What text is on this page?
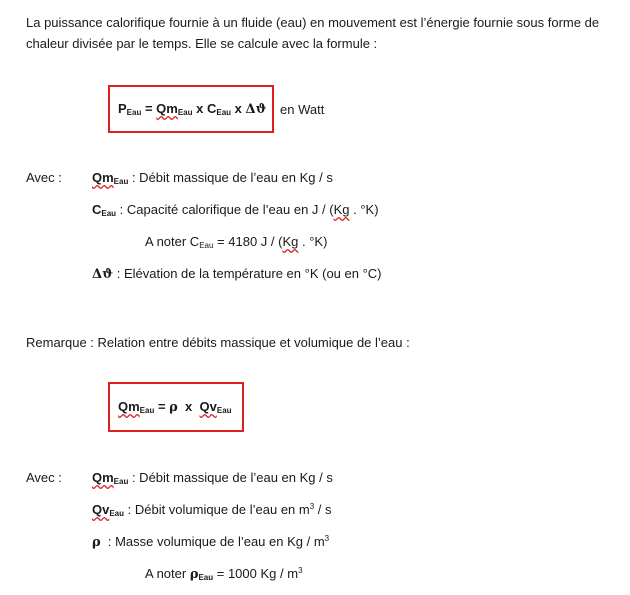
La puissance calorifique fournie à un fluide (eau) en mouvement est l’énergie fournie sous forme de chaleur divisée par le temps. Elle se calcule avec la formule :
$P_{Eau} = Qm_{Eau}$ x $C_{Eau}$ x Δϑ en Watt
Avec : $Qm_{Eau}$ : Débit massique de l’eau en Kg / s
$C_{Eau}$ : Capacité calorifique de l’eau en J / (Kg . °K)
A noter $C_{Eau} = 4180$ J / (Kg . °K)
Δϑ : Elévation de la température en °K (ou en °C)
Remarque : Relation entre débits massique et volumique de l’eau :
$Qm_{Eau} = \rho$  x  $Qv_{Eau}$
Avec : $Qm_{Eau}$ : Débit massique de l’eau en Kg / s
$Qv_{Eau}$ : Débit volumique de l’eau en $m^3$ / s
ρ  : Masse volumique de l’eau en Kg / $m^3$
A noter $\rho_{Eau} = 1000$ Kg / $m^3$
